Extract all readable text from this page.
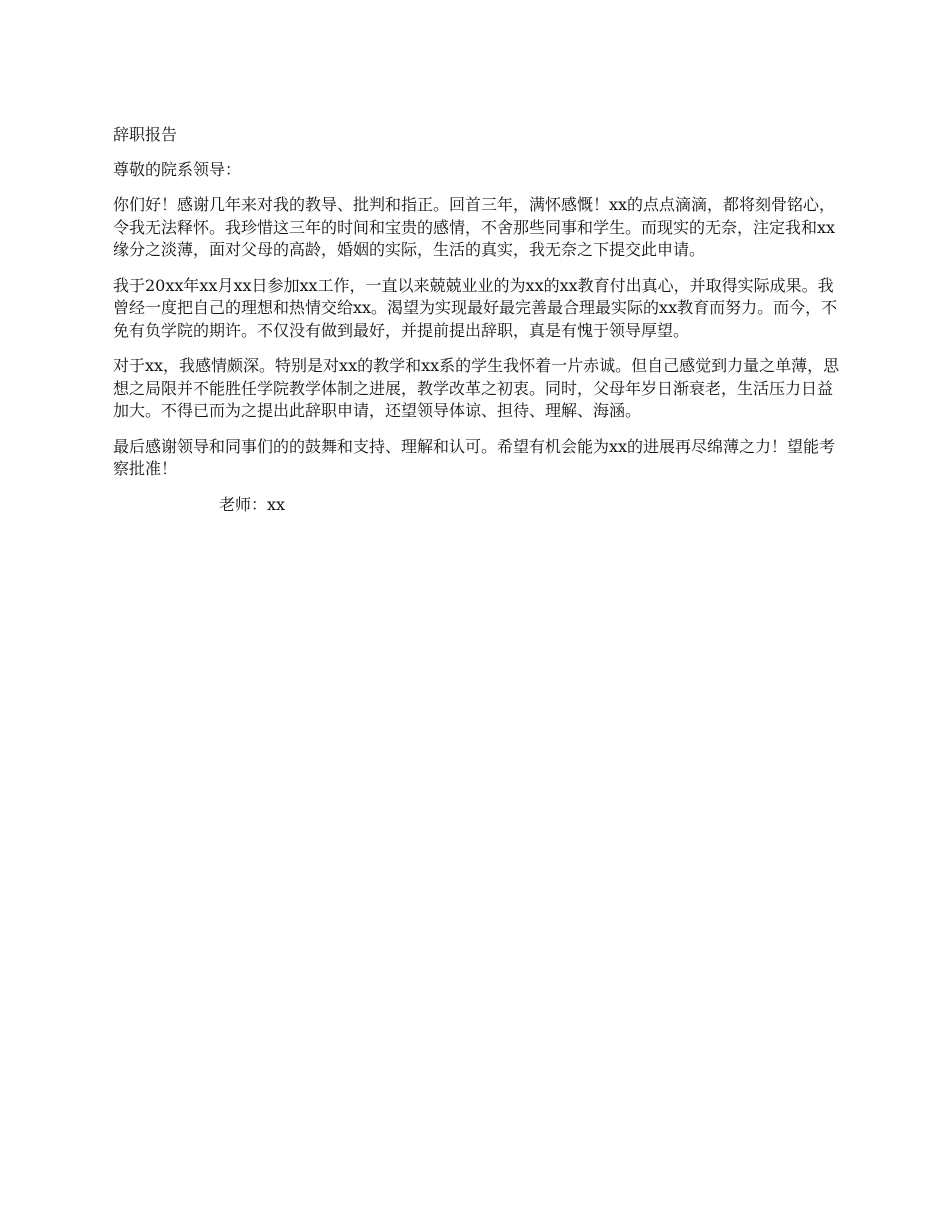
辞职报告

尊敬的院系领导：

你们好！感谢几年来对我的教导、批判和指正。回首三年，满怀感慨！xx的点点滴滴，都将刻骨铭心，令我无法释怀。我珍惜这三年的时间和宝贵的感情，不舍那些同事和学生。而现实的无奈，注定我和xx缘分之淡薄，面对父母的高龄，婚姻的实际，生活的真实，我无奈之下提交此申请。

我于20xx年xx月xx日参加xx工作，一直以来兢兢业业的为xx的xx教育付出真心，并取得实际成果。我曾经一度把自己的理想和热情交给xx。渴望为实现最好最完善最合理最实际的xx教育而努力。而今，不免有负学院的期许。不仅没有做到最好，并提前提出辞职，真是有愧于领导厚望。

对于xx，我感情颇深。特别是对xx的教学和xx系的学生我怀着一片赤诚。但自己感觉到力量之单薄，思想之局限并不能胜任学院教学体制之进展，教学改革之初衷。同时，父母年岁日渐衰老，生活压力日益加大。不得已而为之提出此辞职申请，还望领导体谅、担待、理解、海涵。

最后感谢领导和同事们的的鼓舞和支持、理解和认可。希望有机会能为xx的进展再尽绵薄之力！望能考察批准！

老师：xx
